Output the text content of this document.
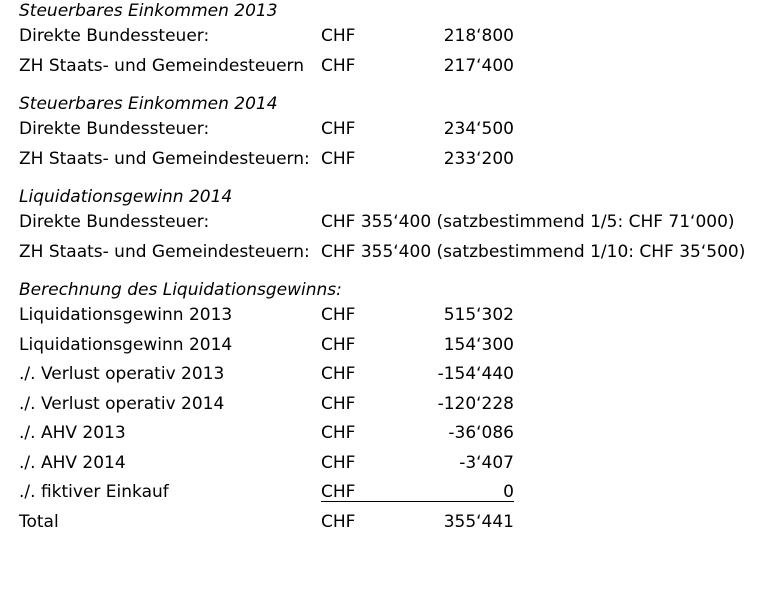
Steuerbares Einkommen 2013
Direkte Bundessteuer:	CHF	218‘800
ZH Staats- und Gemeindesteuern CHF	217‘400
Steuerbares Einkommen 2014
Direkte Bundessteuer:	CHF	234‘500
ZH Staats- und Gemeindesteuern: CHF	233‘200
Liquidationsgewinn 2014
Direkte Bundessteuer:	CHF 355‘400 (satzbestimmend 1/5: CHF 71‘000)
ZH Staats- und Gemeindesteuern: CHF 355‘400 (satzbestimmend 1/10: CHF 35‘500)
Berechnung des Liquidationsgewinns:
Liquidationsgewinn 2013	CHF	515‘302
Liquidationsgewinn 2014	CHF	154‘300
./. Verlust operativ 2013	CHF	-154‘440
./. Verlust operativ 2014	CHF	-120‘228
./. AHV 2013	CHF	-36‘086
./. AHV 2014	CHF	-3‘407
./. fiktiver Einkauf	CHF	0
Total	CHF	355‘441
